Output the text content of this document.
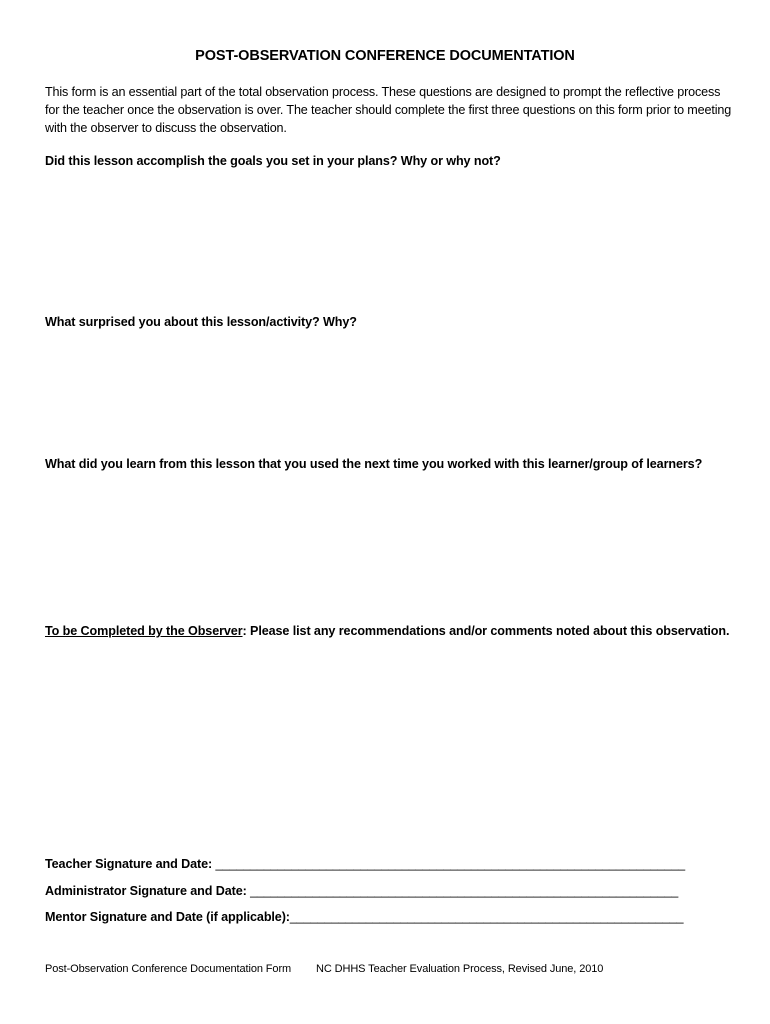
POST-OBSERVATION CONFERENCE DOCUMENTATION
This form is an essential part of the total observation process. These questions are designed to prompt the reflective process for the teacher once the observation is over. The teacher should complete the first three questions on this form prior to meeting with the observer to discuss the observation.
Did this lesson accomplish the goals you set in your plans? Why or why not?
What surprised you about this lesson/activity? Why?
What did you learn from this lesson that you used the next time you worked with this learner/group of learners?
To be Completed by the Observer: Please list any recommendations and/or comments noted about this observation.
Teacher Signature and Date: ____________________________________________________________________
Administrator Signature and Date: ______________________________________________________________
Mentor Signature and Date (if applicable):_________________________________________________________
Post-Observation Conference Documentation Form NC DHHS Teacher Evaluation Process, Revised June, 2010
